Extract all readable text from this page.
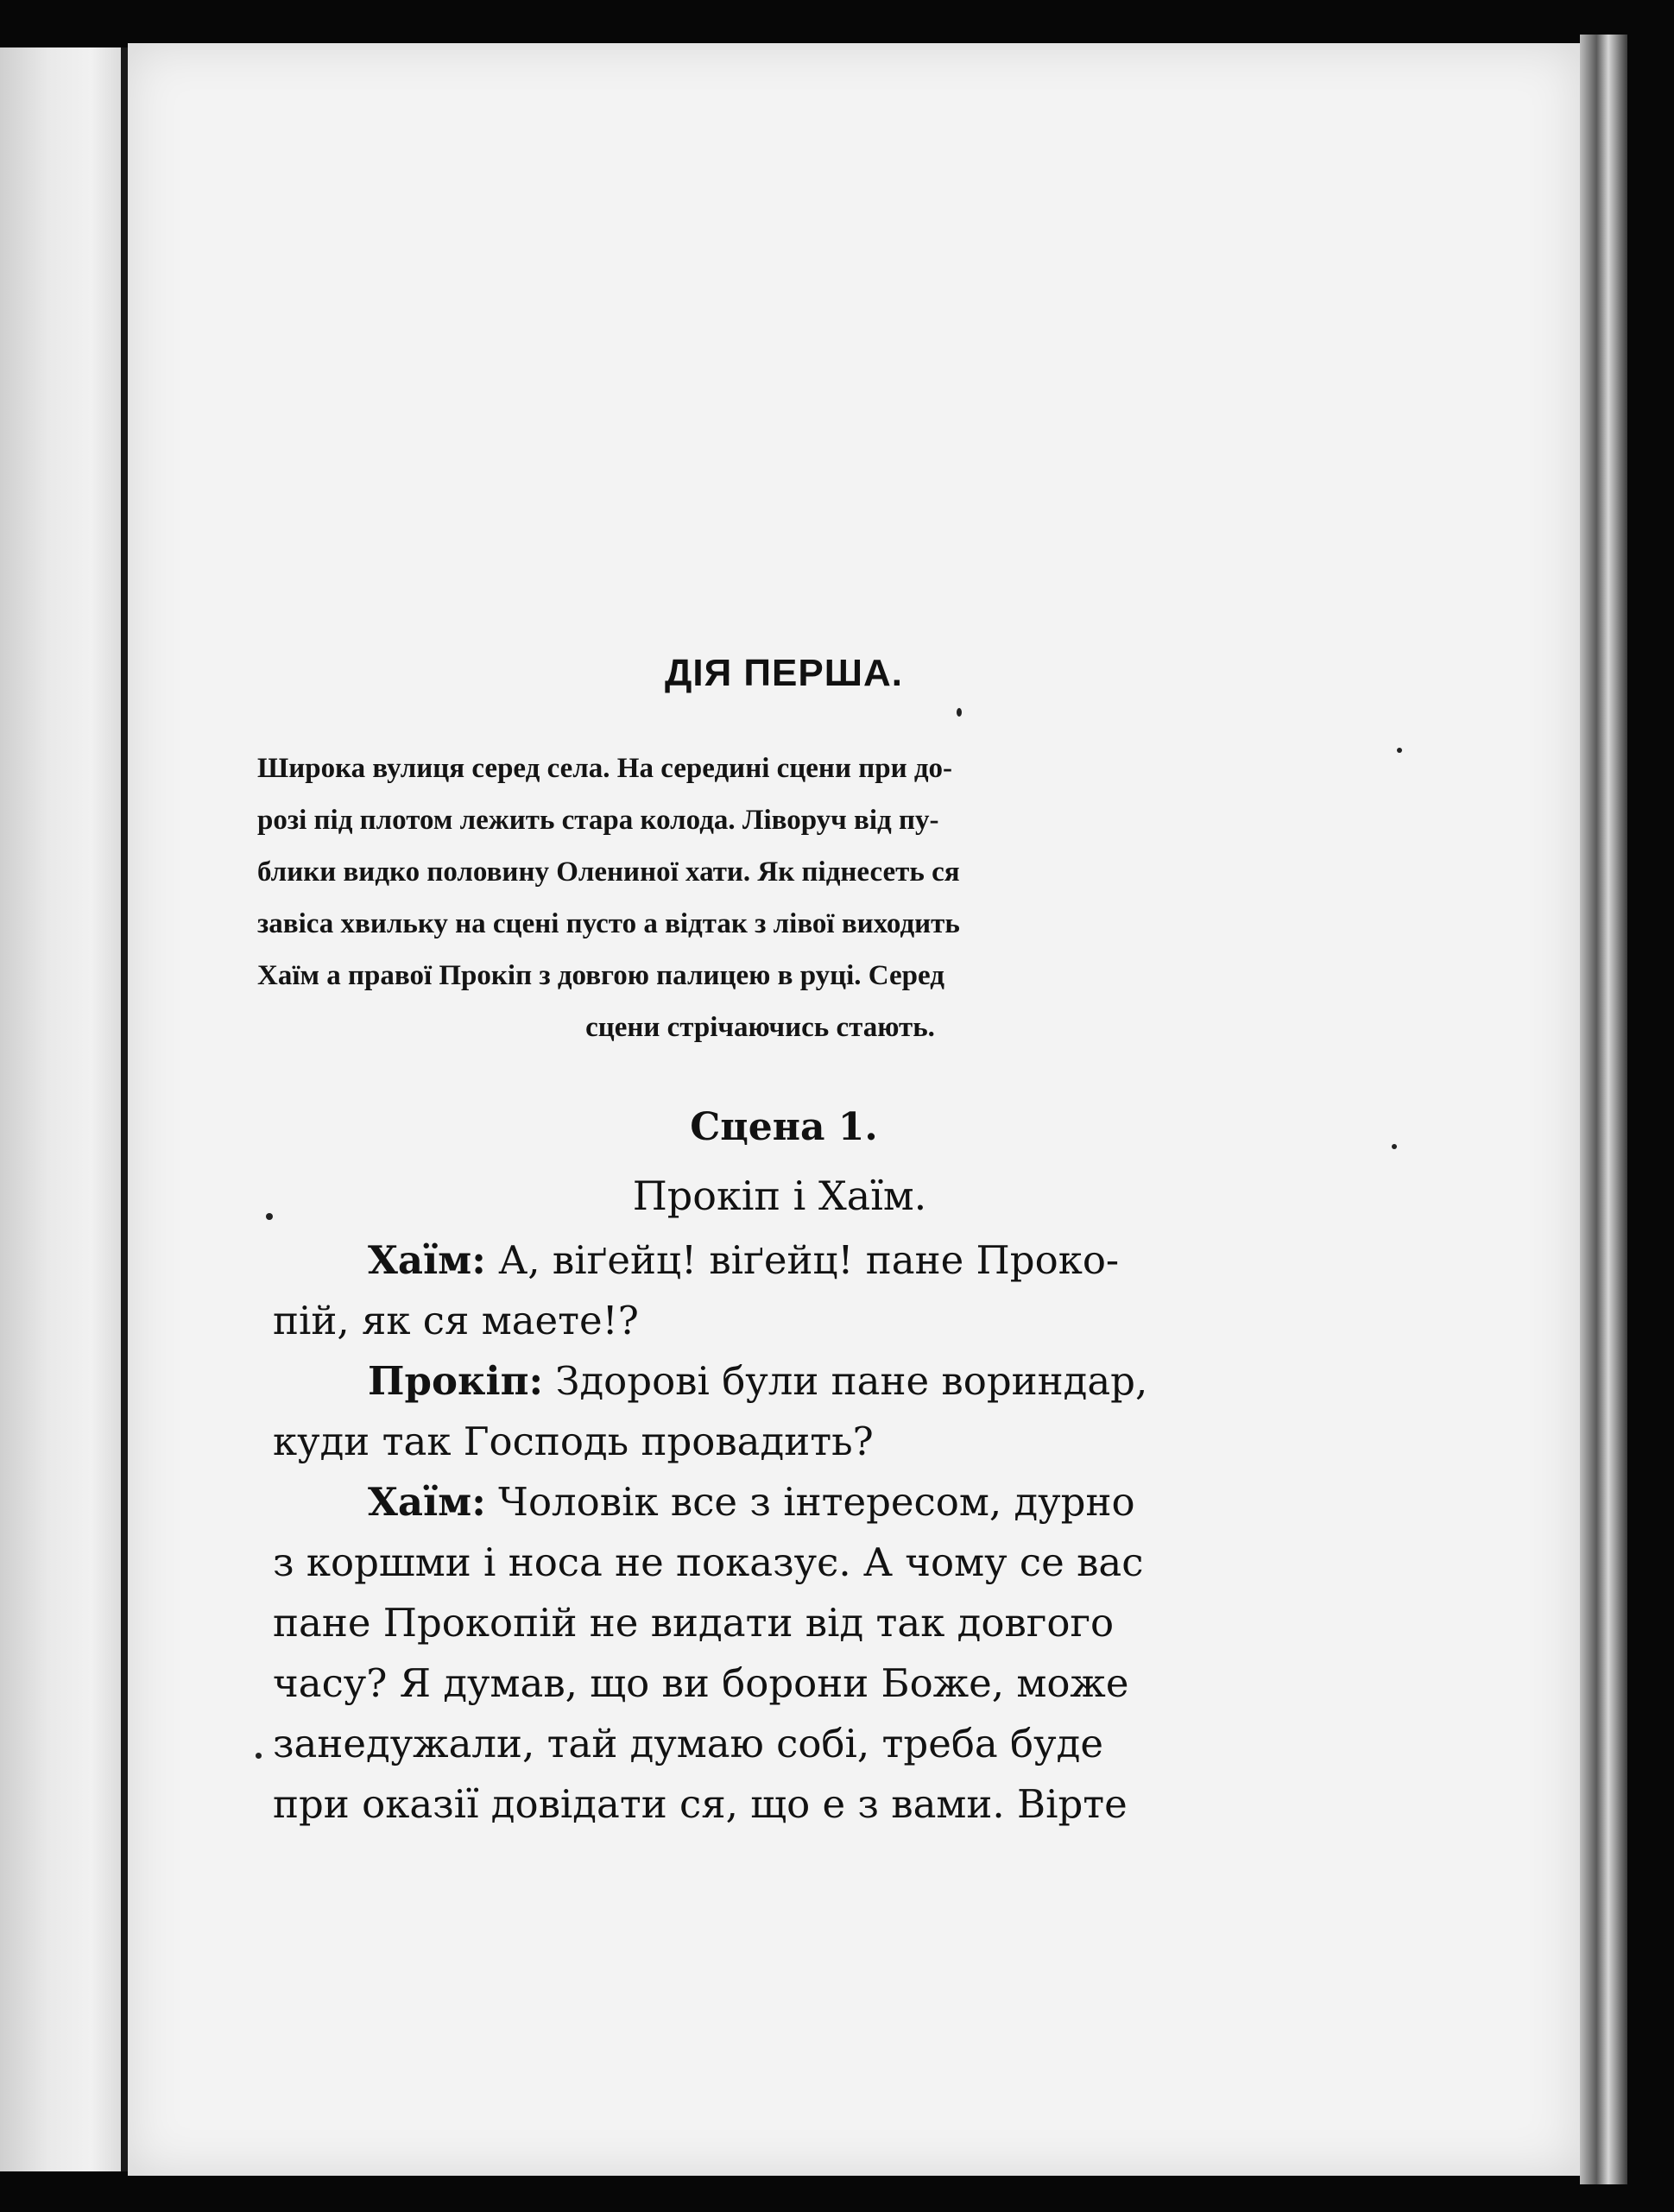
ДІЯ ПЕРША.
Широка вулиця серед села. На середині сцени при до-
розі під плотом лежить стара колода. Ліворуч від пу-
блики видко половину Олениної хати. Як піднесеть ся
завіса хвильку на сцені пусто а відтак з лівої виходить
Хаїм а правої Прокіп з довгою палицею в руці. Серед
сцени стрічаючись стають.
Сцена 1.
Прокіп і Хаїм.
Хаїм: А, віґейц! віґейц! пане Проко-
пій, як ся маете!?
Прокіп: Здорові були пане вориндар,
куди так Господь провадить?
Хаїм: Чоловік все з інтересом, дурно
з коршми і носа не показує. А чому се вас
пане Прокопій не видати від так довгого
часу? Я думав, що ви борони Боже, може
занедужали, тай думаю собі, треба буде
при оказії довідати ся, що е з вами. Вірте
